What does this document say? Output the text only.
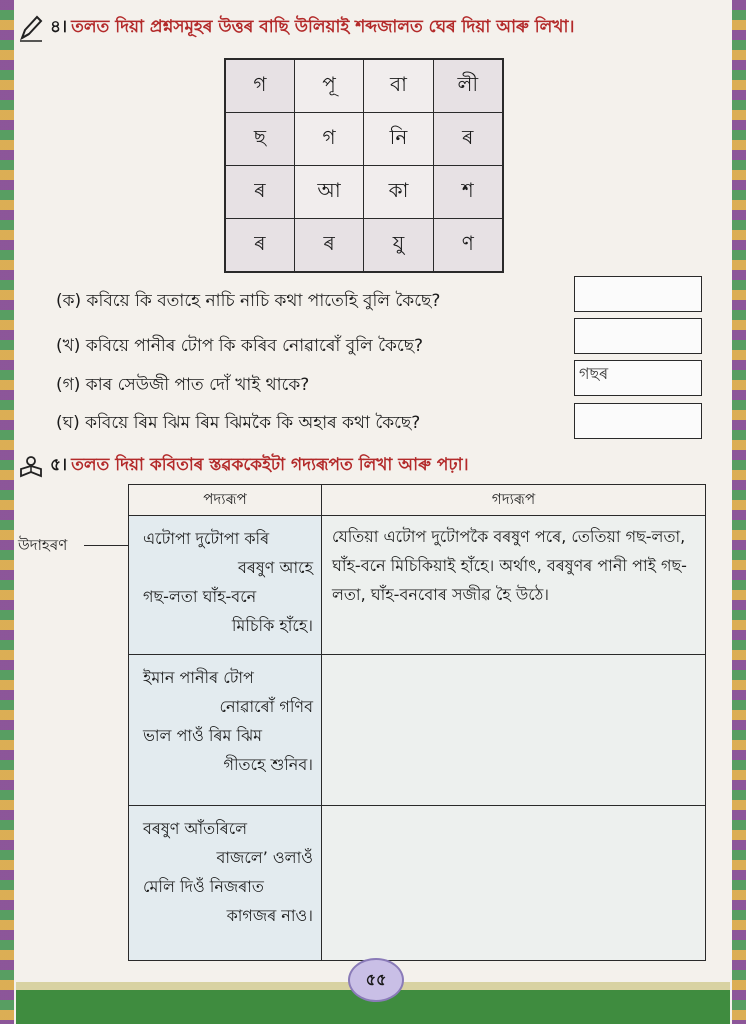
৪। তলত দিয়া প্ৰশ্নসমূহৰ উত্তৰ বাছি উলিয়াই শব্দজালত ঘেৰ দিয়া আৰু লিখা।
গ	পূ	বা	লী
ছ	গ	নি	ৰ
ৰ	আ	কা	শ
ৰ	ৰ	যু	ণ
(ক) কবিয়ে কি বতাহে নাচি নাচি কথা পাতেহি বুলি কৈছে?
(খ) কবিয়ে পানীৰ টোপ কি কৰিব নোৱাৰোঁ বুলি কৈছে?
(গ) কাৰ সেউজী পাত দোঁ খাই থাকে?
গছৰ
(ঘ) কবিয়ে ৰিম ঝিম ৰিম ঝিমকৈ কি অহাৰ কথা কৈছে?
৫। তলত দিয়া কবিতাৰ স্তৱককেইটা গদ্যৰূপত লিখা আৰু পঢ়া।
উদাহৰণ
পদ্যৰূপ	গদ্যৰূপ

এটোপা দুটোপা কৰি
বৰষুণ আহে
গছ-লতা ঘাঁহ-বনে
মিচিকি হাঁহে।	যেতিয়া এটোপ দুটোপকৈ বৰষুণ পৰে, তেতিয়া গছ-লতা, ঘাঁহ-বনে মিচিকিয়াই হাঁহে। অৰ্থাৎ, বৰষুণৰ পানী পাই গছ-লতা, ঘাঁহ-বনবোৰ সজীৱ হৈ উঠে।

ইমান পানীৰ টোপ
নোৱাৰোঁ গণিব
ভাল পাওঁ ৰিম ঝিম
গীতহে শুনিব।	

বৰষুণ আঁতৰিলে
বাজলে’ ওলাওঁ
মেলি দিওঁ নিজৰাত
কাগজৰ নাও।	

৫৫
